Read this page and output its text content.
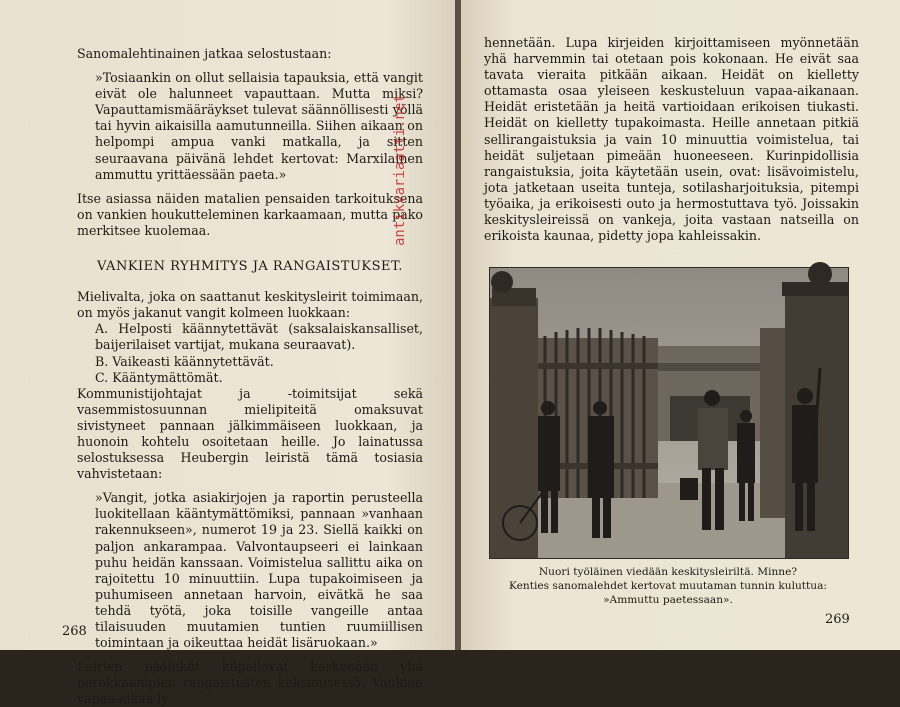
Sanomalehtinainen jatkaa selostustaan:

»Tosiaankin on ollut sellaisia tapauksia, että vangit eivät ole halunneet vapauttaan. Mutta miksi? Vapauttamismääräykset tulevat säännöllisesti yöllä tai hyvin aikaisilla aamutunneilla. Siihen aikaan on helpompi ampua vanki matkalla, ja sitten seuraavana päivänä lehdet kertovat: Marxilainen ammuttu yrittäessään paeta.»

Itse asiassa näiden matalien pensaiden tarkoituksena on vankien houkutteleminen karkaamaan, mutta pako merkitsee kuolemaa.

VANKIEN RYHMITYS JA RANGAISTUKSET.

Mielivalta, joka on saattanut keskitysleirit toimimaan, on myös jakanut vangit kolmeen luokkaan:

A. Helposti käännytettävät (saksalaiskansalliset, baijerilaiset vartijat, mukana seuraavat).

B. Vaikeasti käännytettävät.

C. Kääntymättömät.

Kommunistijohtajat ja -toimitsijat sekä vasemmistosuunnan mielipiteitä omaksuvat sivistyneet pannaan jälkimmäiseen luokkaan, ja huonoin kohtelu osoitetaan heille. Jo lainatussa selostuksessa Heubergin leiristä tämä tosiasia vahvistetaan:

»Vangit, jotka asiakirjojen ja raportin perusteella luokitellaan kääntymättömiksi, pannaan »vanhaan rakennukseen», numerot 19 ja 23. Siellä kaikki on paljon ankarampaa. Valvontaupseeri ei lainkaan puhu heidän kanssaan. Voimistelua sallittu aika on rajoitettu 10 minuuttiin. Lupa tupakoimiseen ja puhumiseen annetaan harvoin, eivätkä he saa tehdä työtä, joka toisille vangeille antaa tilaisuuden muutamien tuntien ruumiillisen toimintaan ja oikeuttaa heidät lisäruokaan.»

Leirien päälliköt kilpailevat keskenään yhä nerokkaampien rangaistusten keksimisessä. Vankien vapaa-aikaa ly-

268
antikvariaatti.net

hennetään. Lupa kirjeiden kirjoittamiseen myönnetään yhä harvemmin tai otetaan pois kokonaan. He eivät saa tavata vieraita pitkään aikaan. Heidät on kielletty ottamasta osaa yleiseen keskusteluun vapaa-aikanaan. Heidät eristetään ja heitä vartioidaan erikoisen tiukasti. Heidät on kielletty tupakoimasta. Heille annetaan pitkiä sellirangaistuksia ja vain 10 minuuttia voimistelua, tai heidät suljetaan pimeään huoneeseen. Kurinpidollisia rangaistuksia, joita käytetään usein, ovat: lisävoimistelu, jota jatketaan useita tunteja, sotilasharjoituksia, pitempi työaika, ja erikoisesti outo ja hermostuttava työ. Joissakin keskitysleireissä on vankeja, joita vastaan natseilla on erikoista kaunaa, pidetty jopa kahleissakin.

Nuori työläinen viedään keskitysleiriltä. Minne?
Kenties sanomalehdet kertovat muutaman tunnin kuluttua:
»Ammuttu paetessaan».
269
